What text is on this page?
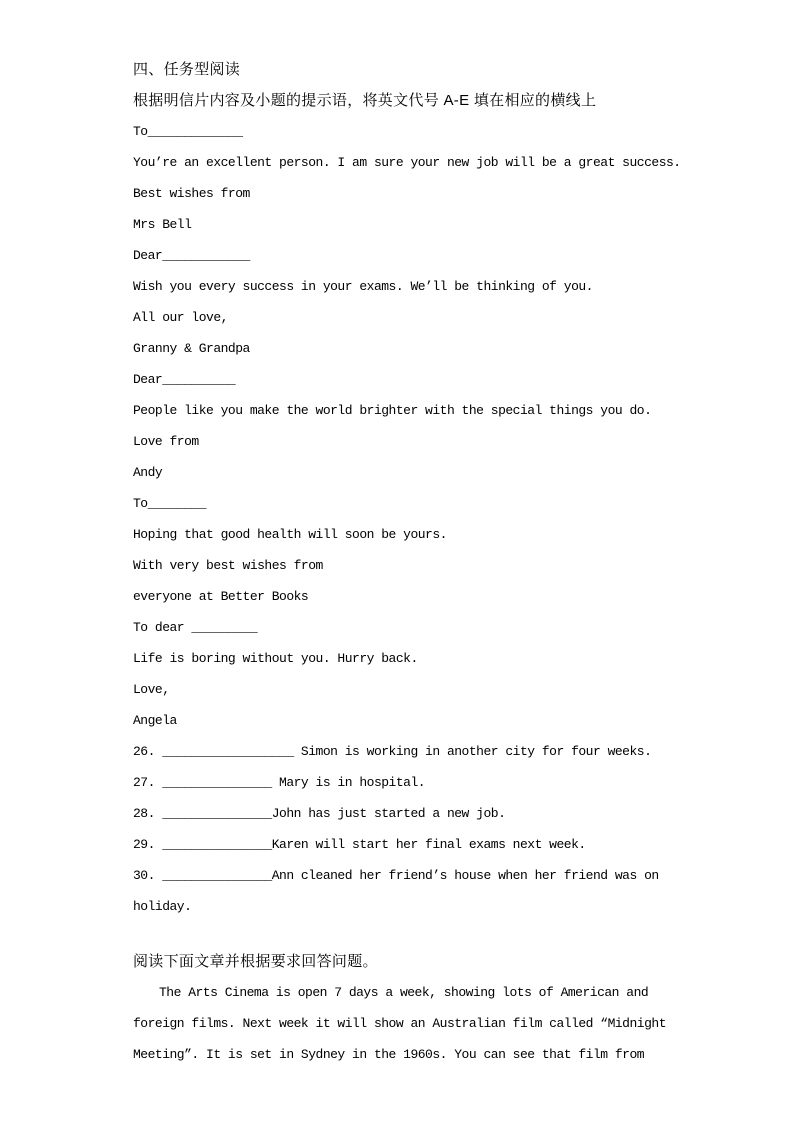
四、任务型阅读
根据明信片内容及小题的提示语，将英文代号 A-E 填在相应的横线上
To_____________
You’re an excellent person. I am sure your new job will be a great success.
Best wishes from
Mrs Bell
Dear____________
Wish you every success in your exams. We’ll be thinking of you.
All our love,
Granny & Grandpa
Dear__________
People like you make the world brighter with the special things you do.
Love from
Andy
To________
Hoping that good health will soon be yours.
With very best wishes from
everyone at Better Books
To dear _________
Life is boring without you. Hurry back.
Love,
Angela
26. __________________ Simon is working in another city for four weeks.
27. _______________ Mary is in hospital.
28. _______________John has just started a new job.
29. _______________Karen will start her final exams next week.
30. _______________Ann cleaned her friend’s house when her friend was on
holiday.
阅读下面文章并根据要求回答问题。
The Arts Cinema is open 7 days a week, showing lots of American and
foreign films. Next week it will show an Australian film called “Midnight
Meeting”. It is set in Sydney in the 1960s. You can see that film from
